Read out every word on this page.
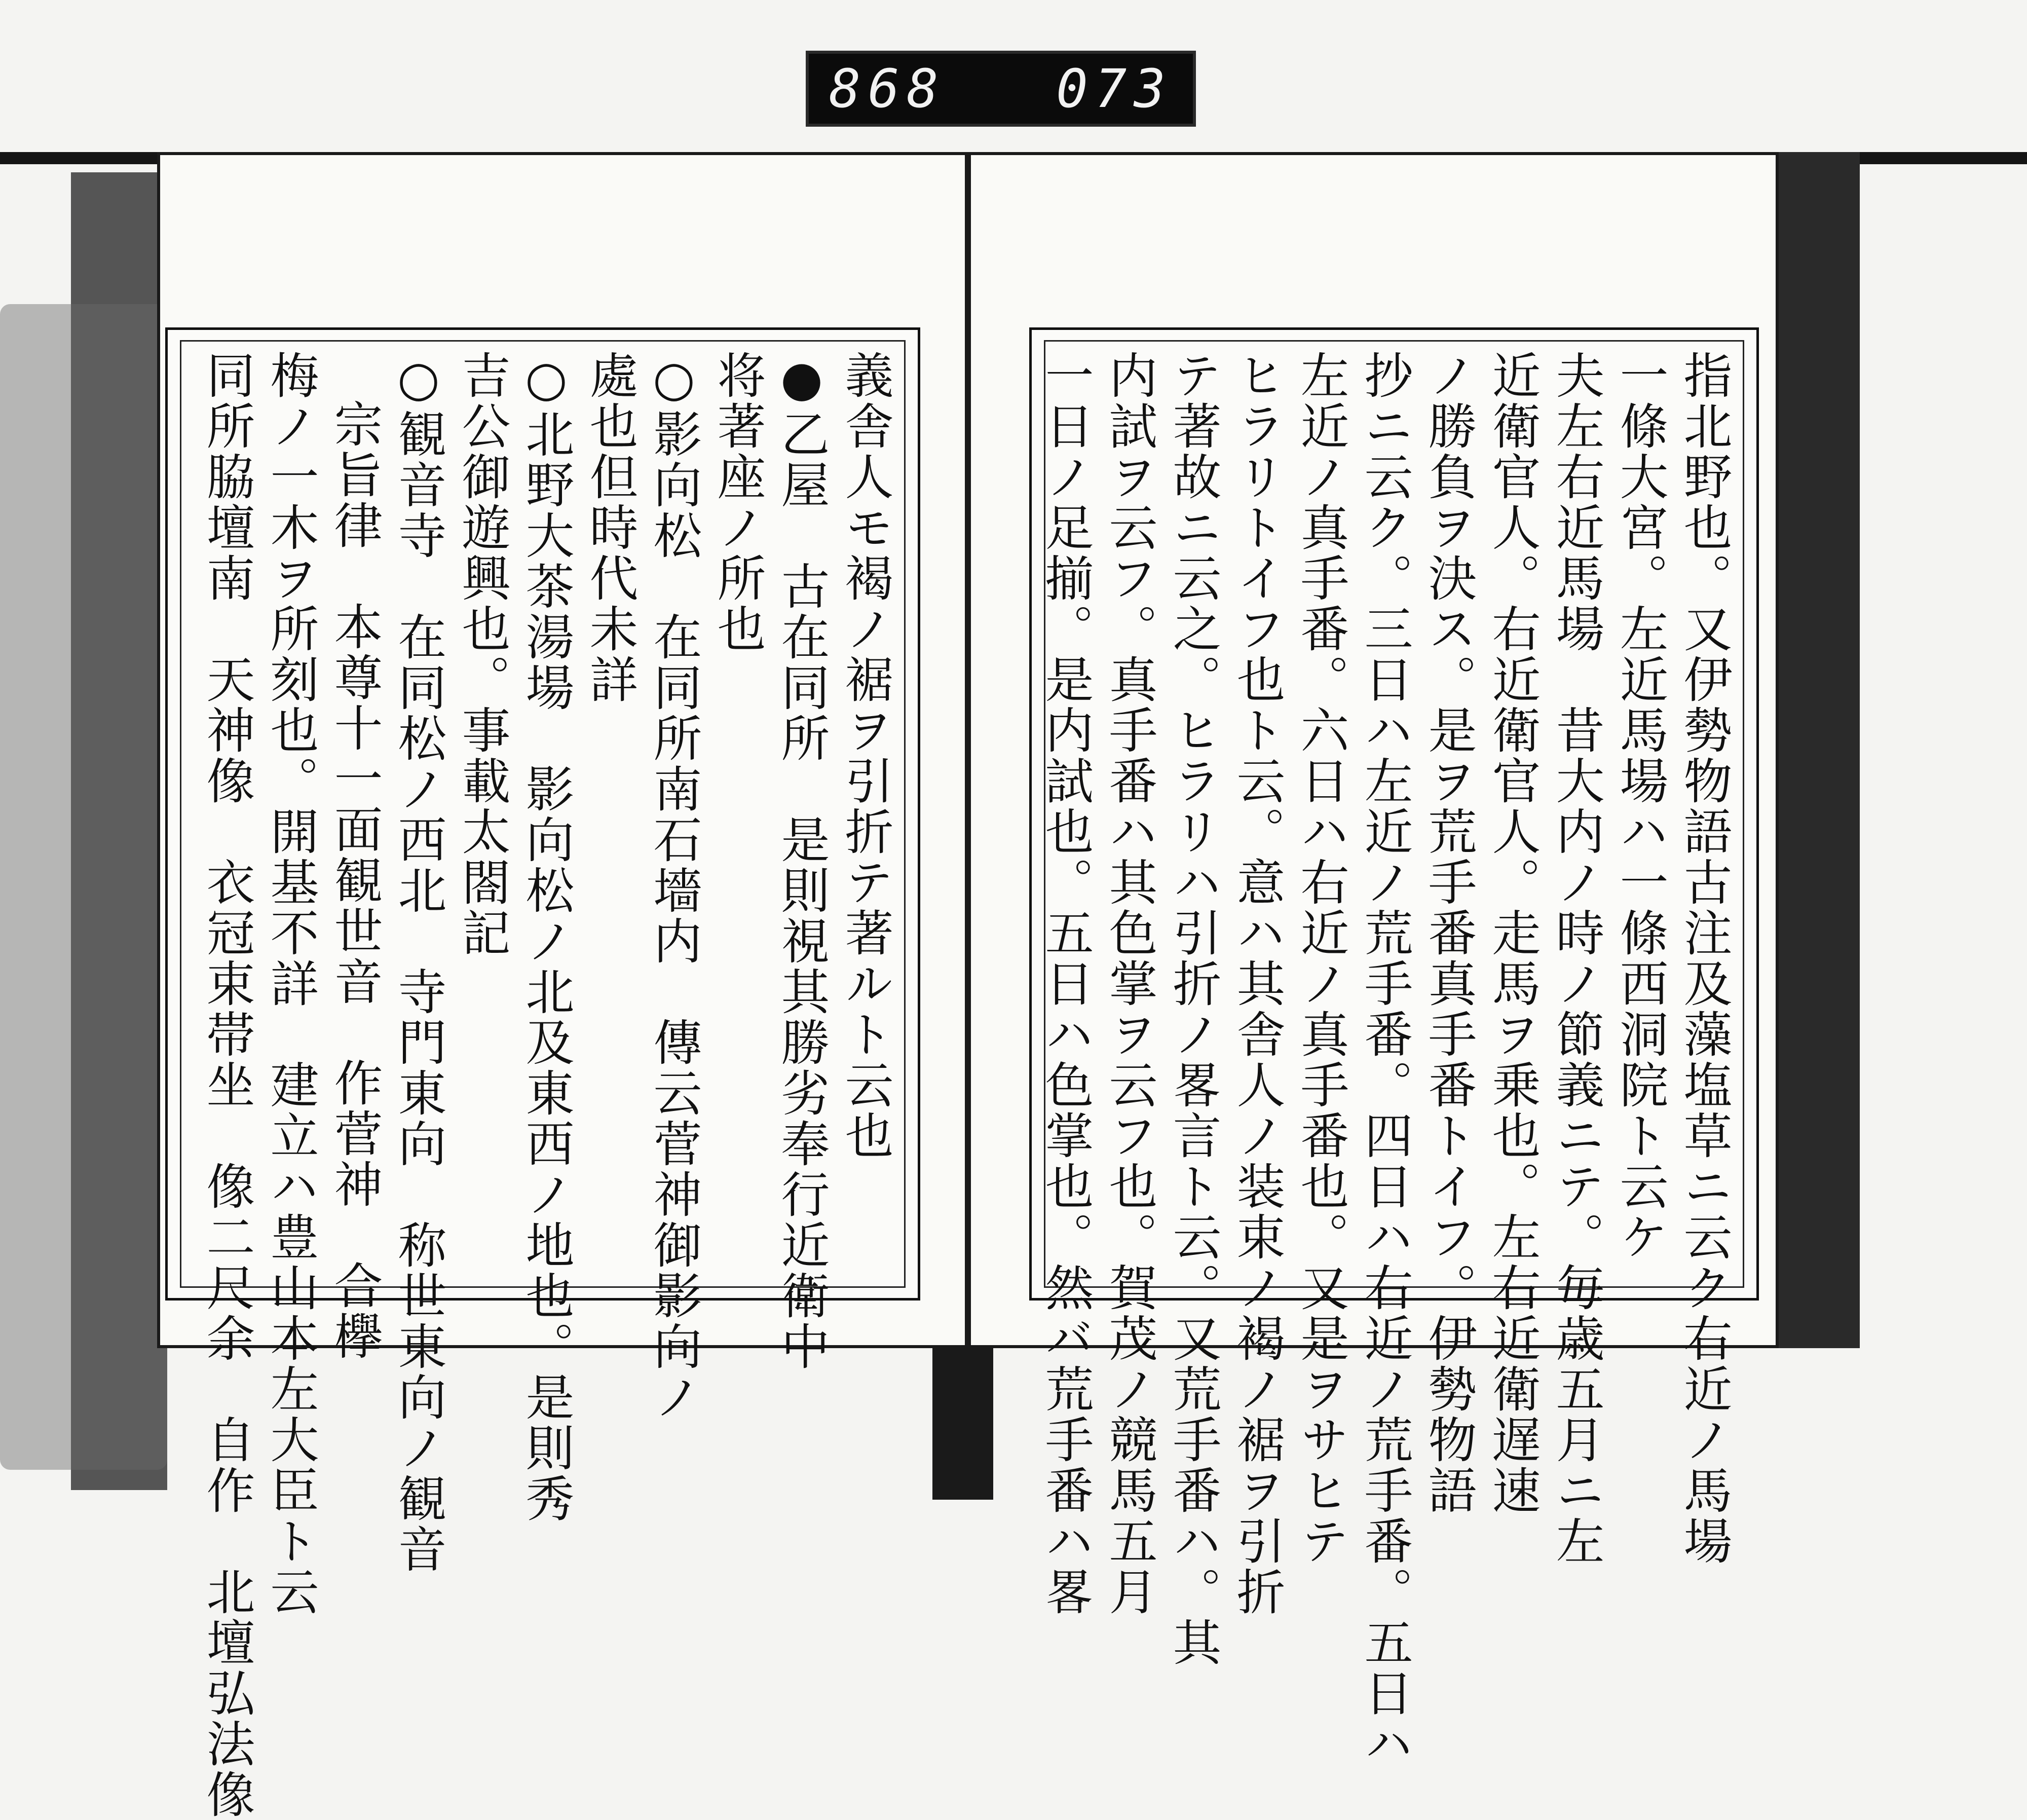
868 073
義舎人モ褐ノ裾ヲ引折テ著ルト云也
●乙屋　古在同所　是則視其勝劣奉行近衛中
将著座ノ所也
○影向松　在同所南石墻内　傳云菅神御影向ノ
處也但時代未詳
○北野大茶湯場　影向松ノ北及東西ノ地也。是則秀
吉公御遊興也。事載太閤記
○観音寺　在同松ノ西北　寺門東向　称世東向ノ観音
宗旨律　本尊十一面観世音　作菅神　合欅
梅ノ一木ヲ所刻也。開基不詳　建立ハ豊山本左大臣ト云
同所脇壇南　天神像　衣冠束帯坐　像二尺余　自作　北壇弘法像	指北野也。又伊勢物語古注及藻塩草ニ云ク右近ノ馬場
一條大宮。左近馬場ハ一條西洞院ト云ケ
夫左右近馬場　昔大内ノ時ノ節義ニテ。毎歳五月ニ左
近衛官人。右近衛官人。走馬ヲ乗也。左右近衛遅速
ノ勝負ヲ決ス。是ヲ荒手番真手番トイフ。伊勢物語
抄ニ云ク。三日ハ左近ノ荒手番。四日ハ右近ノ荒手番。五日ハ
左近ノ真手番。六日ハ右近ノ真手番也。又是ヲサヒテ
ヒラリトイフ也ト云。意ハ其舎人ノ装束ノ褐ノ裾ヲ引折
テ著故ニ云之。ヒラリハ引折ノ畧言ト云。又荒手番ハ。其
内試ヲ云フ。真手番ハ其色掌ヲ云フ也。賀茂ノ競馬五月
一日ノ足揃。是内試也。五日ハ色掌也。然バ荒手番ハ畧
